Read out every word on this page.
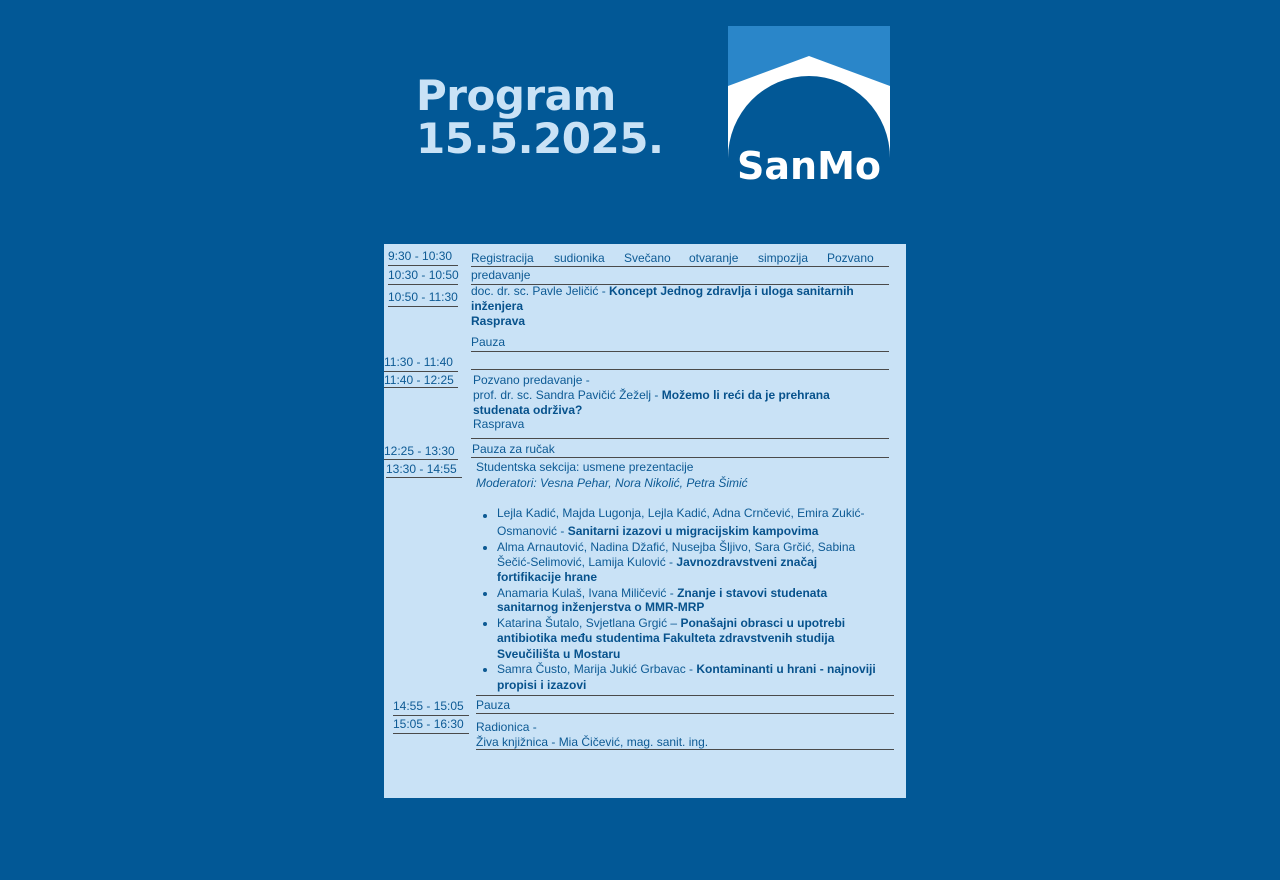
Program
15.5.2025.
SanMo
9:30 - 10:30
10:30 - 10:50
10:50 - 11:30
11:30 - 11:40
11:40 - 12:25
12:25 - 13:30
13:30 - 14:55
14:55 - 15:05
15:05 - 16:30
Registracija sudionika Svečano otvaranje simpozija Pozvano
predavanje
doc. dr. sc. Pavle Jeličić - Koncept Jednog zdravlja i uloga sanitarnih
inženjera
Rasprava
Pauza
Pozvano predavanje -
prof. dr. sc. Sandra Pavičić Žeželj - Možemo li reći da je prehrana
studenata održiva?
Rasprava
Pauza za ručak
Studentska sekcija: usmene prezentacije
Moderatori: Vesna Pehar, Nora Nikolić, Petra Šimić
Lejla Kadić, Majda Lugonja, Lejla Kadić, Adna Crnčević, Emira Zukić-
Osmanović - Sanitarni izazovi u migracijskim kampovima
Alma Arnautović, Nadina Džafić, Nusejba Šljivo, Sara Grčić, Sabina
Šečić-Selimović, Lamija Kulović - Javnozdravstveni značaj
fortifikacije hrane
Anamaria Kulaš, Ivana Miličević - Znanje i stavovi studenata
sanitarnog inženjerstva o MMR-MRP
Katarina Šutalo, Svjetlana Grgić – Ponašajni obrasci u upotrebi
antibiotika među studentima Fakulteta zdravstvenih studija
Sveučilišta u Mostaru
Samra Čusto, Marija Jukić Grbavac - Kontaminanti u hrani - najnoviji
propisi i izazovi
Pauza
Radionica -
Živa knjižnica - Mia Čičević, mag. sanit. ing.
